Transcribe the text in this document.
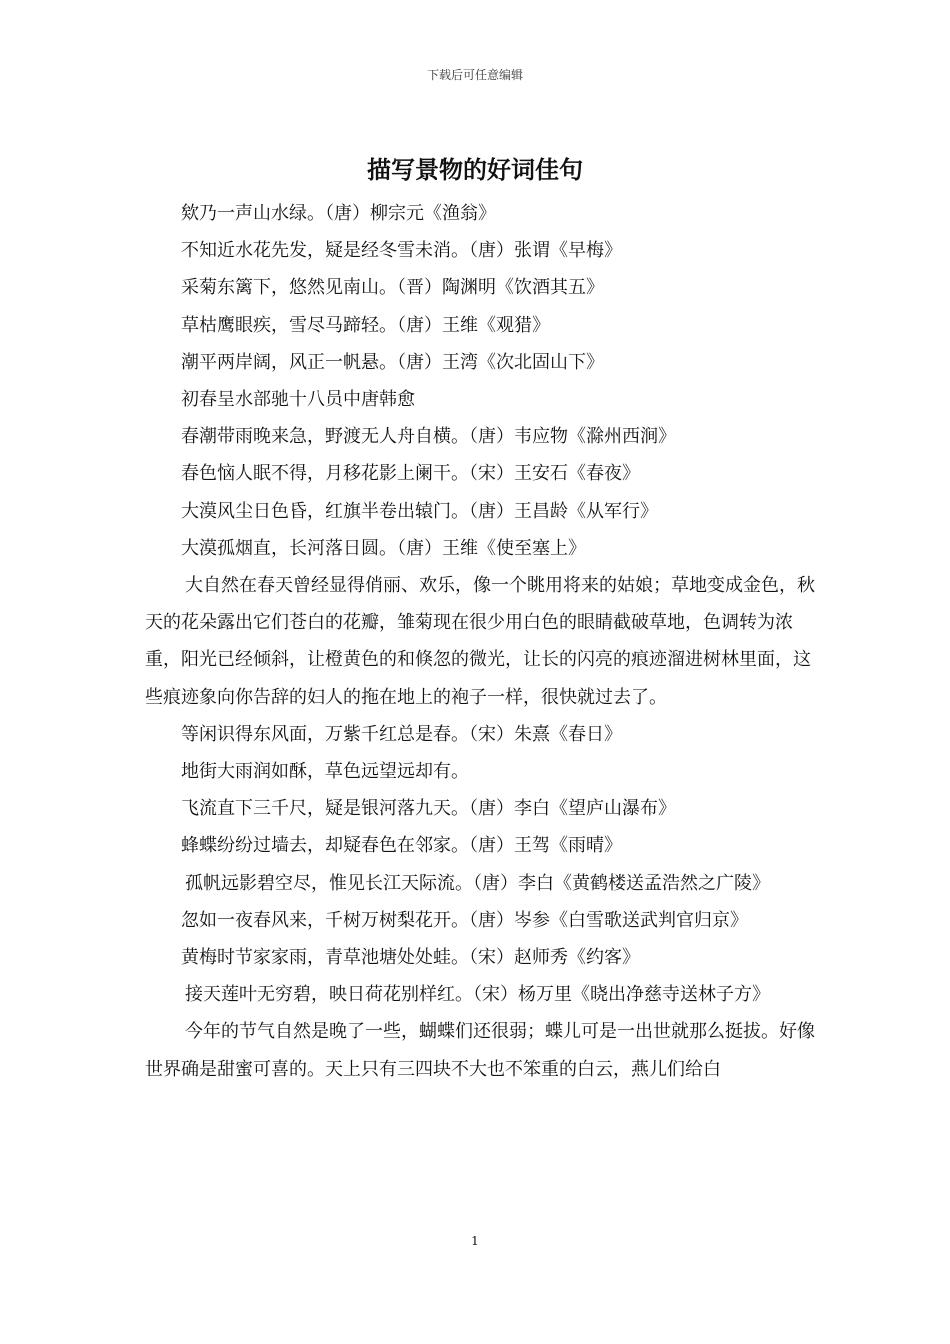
下载后可任意编辑
描写景物的好词佳句

欸乃一声山水绿。（唐）柳宗元《渔翁》

不知近水花先发，疑是经冬雪未消。（唐）张谓《早梅》

采菊东篱下，悠然见南山。（晋）陶渊明《饮酒其五》

草枯鹰眼疾，雪尽马蹄轻。（唐）王维《观猎》

潮平两岸阔，风正一帆悬。（唐）王湾《次北固山下》

初春呈水部驰十八员中唐韩愈

春潮带雨晚来急，野渡无人舟自横。（唐）韦应物《滁州西涧》

春色恼人眠不得，月移花影上阑干。（宋）王安石《春夜》

大漠风尘日色昏，红旗半卷出辕门。（唐）王昌龄《从军行》

大漠孤烟直，长河落日圆。（唐）王维《使至塞上》

大自然在春天曾经显得俏丽、欢乐，像一个眺用将来的姑娘；草地变成金色，秋天的花朵露出它们苍白的花瓣，雏菊现在很少用白色的眼睛截破草地，色调转为浓重，阳光已经倾斜，让橙黄色的和倏忽的微光，让长的闪亮的痕迹溜进树林里面，这些痕迹象向你告辞的妇人的拖在地上的袍子一样，很快就过去了。

等闲识得东风面，万紫千红总是春。（宋）朱熹《春日》

地街大雨润如酥，草色远望远却有。

飞流直下三千尺，疑是银河落九天。（唐）李白《望庐山瀑布》

蜂蝶纷纷过墙去，却疑春色在邻家。（唐）王驾《雨晴》

孤帆远影碧空尽，惟见长江天际流。（唐）李白《黄鹤楼送孟浩然之广陵》

忽如一夜春风来，千树万树梨花开。（唐）岑参《白雪歌送武判官归京》

黄梅时节家家雨，青草池塘处处蛙。（宋）赵师秀《约客》

接天莲叶无穷碧，映日荷花别样红。（宋）杨万里《晓出净慈寺送林子方》

今年的节气自然是晚了一些，蝴蝶们还很弱；蝶儿可是一出世就那么挺拔。好像世界确是甜蜜可喜的。天上只有三四块不大也不笨重的白云，燕儿们给白

1
